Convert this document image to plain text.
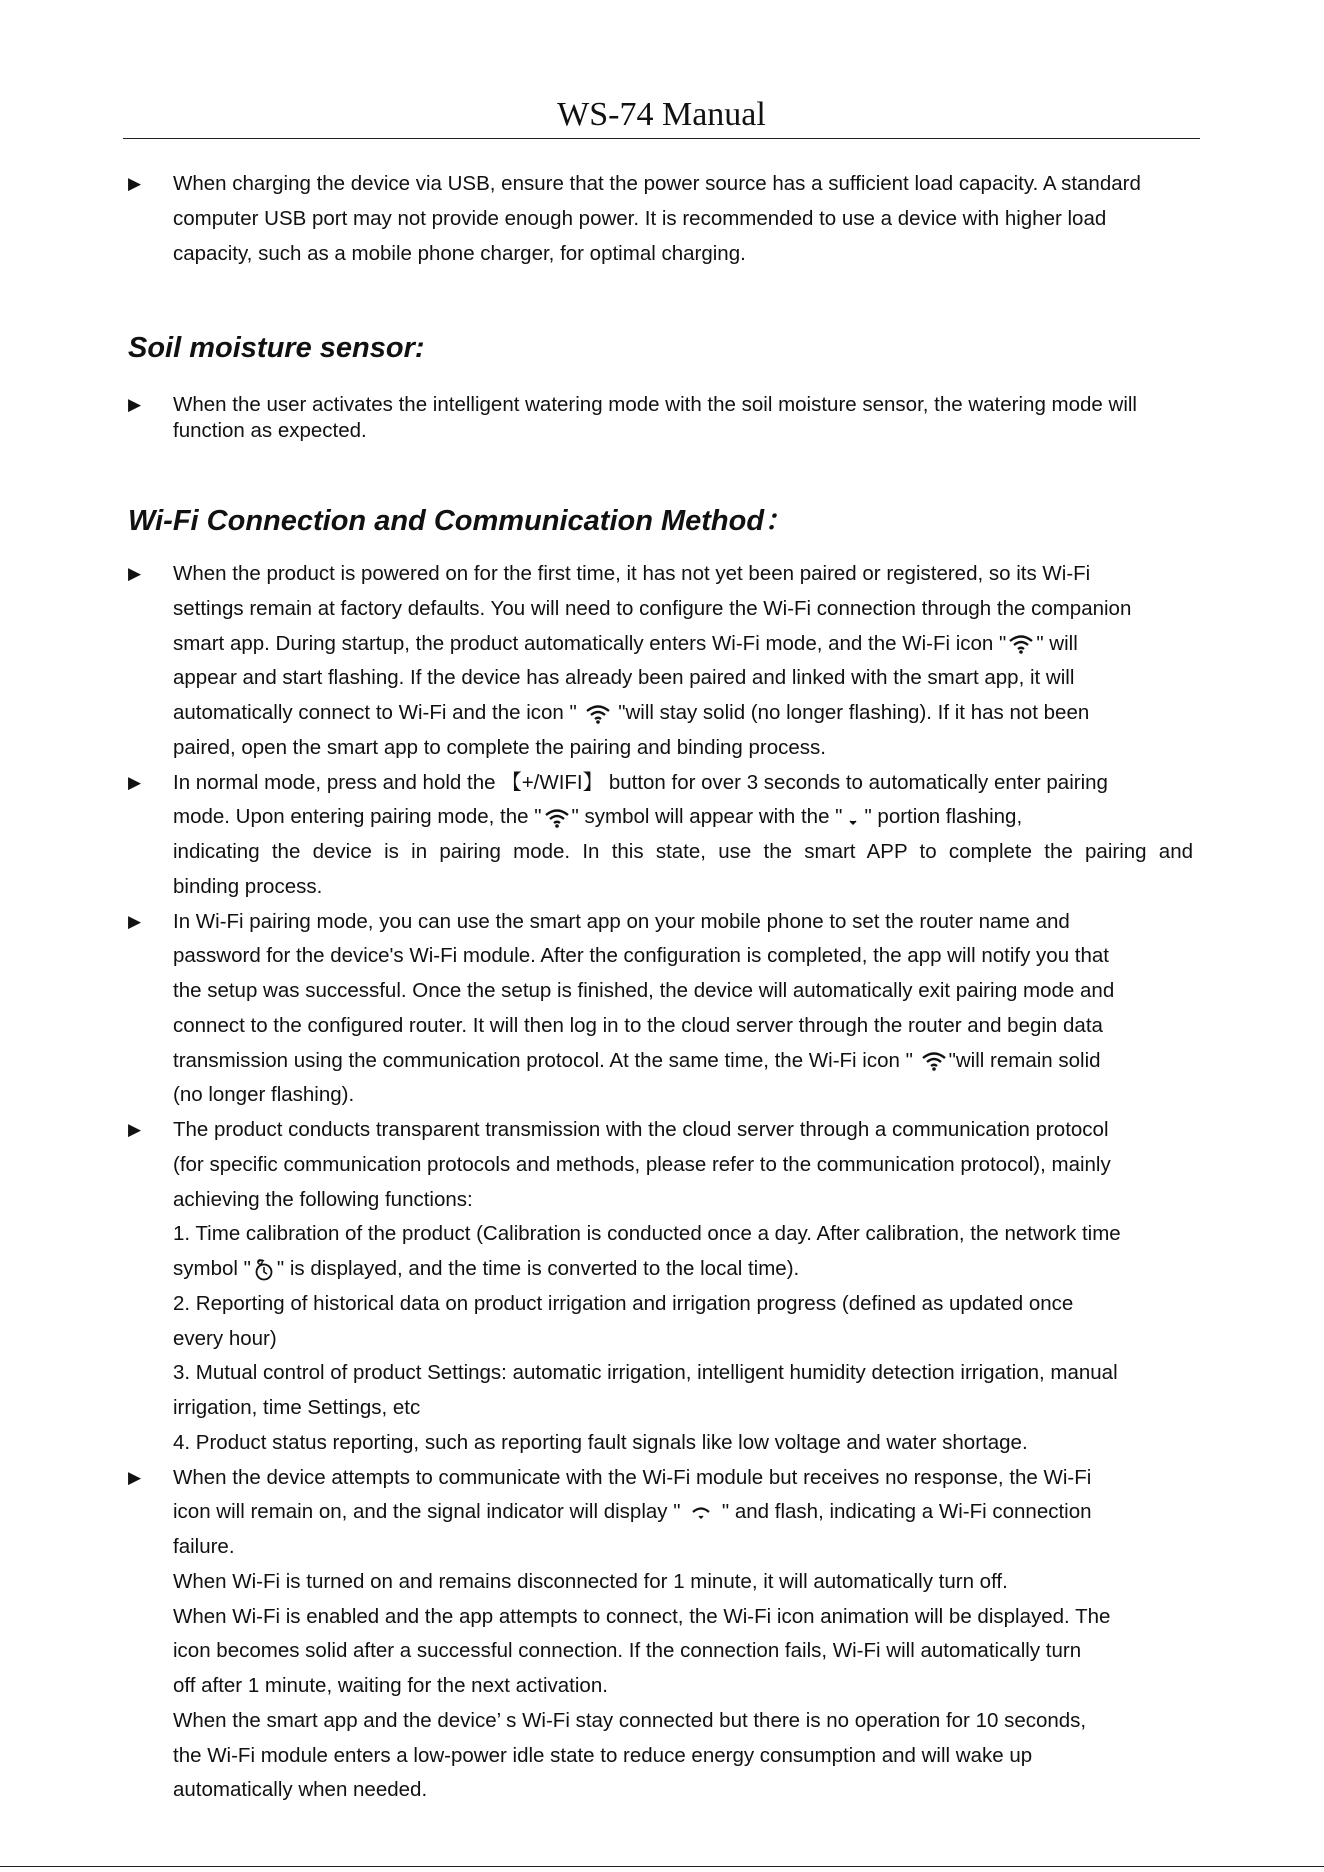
WS-74 Manual
▶ When charging the device via USB, ensure that the power source has a sufficient load capacity. A standard
computer USB port may not provide enough power. It is recommended to use a device with higher load
capacity, such as a mobile phone charger, for optimal charging.
Soil moisture sensor:
▶ When the user activates the intelligent watering mode with the soil moisture sensor, the watering mode will
function as expected.
Wi-Fi Connection and Communication Method：
▶ When the product is powered on for the first time, it has not yet been paired or registered, so its Wi-Fi
settings remain at factory defaults. You will need to configure the Wi-Fi connection through the companion
smart app. During startup, the product automatically enters Wi-Fi mode, and the Wi-Fi icon " " will
appear and start flashing. If the device has already been paired and linked with the smart app, it will
automatically connect to Wi-Fi and the icon "
"will stay solid (no longer flashing). If it has not been
paired, open the smart app to complete the pairing and binding process.
▶ In normal mode, press and hold the 【+/WIFI】 button for over 3 seconds to automatically enter pairing
mode. Upon entering pairing mode, the " " symbol will appear with the " " portion flashing,
indicating the device is in pairing mode. In this state, use the smart APP to complete the pairing and
binding process.
▶ In Wi-Fi pairing mode, you can use the smart app on your mobile phone to set the router name and
password for the device's Wi-Fi module. After the configuration is completed, the app will notify you that
the setup was successful. Once the setup is finished, the device will automatically exit pairing mode and
connect to the configured router. It will then log in to the cloud server through the router and begin data
transmission using the communication protocol. At the same time, the Wi-Fi icon "
"will remain solid
(no longer flashing).
▶ The product conducts transparent transmission with the cloud server through a communication protocol
(for specific communication protocols and methods, please refer to the communication protocol), mainly
achieving the following functions:
1. Time calibration of the product (Calibration is conducted once a day. After calibration, the network time
symbol " " is displayed, and the time is converted to the local time).
2. Reporting of historical data on product irrigation and irrigation progress (defined as updated once
every hour)
3. Mutual control of product Settings: automatic irrigation, intelligent humidity detection irrigation, manual
irrigation, time Settings, etc
4. Product status reporting, such as reporting fault signals like low voltage and water shortage.
▶ When the device attempts to communicate with the Wi-Fi module but receives no response, the Wi-Fi
icon will remain on, and the signal indicator will display "
" and flash, indicating a Wi-Fi connection
failure.
When Wi-Fi is turned on and remains disconnected for 1 minute, it will automatically turn off.
When Wi-Fi is enabled and the app attempts to connect, the Wi-Fi icon animation will be displayed. The
icon becomes solid after a successful connection. If the connection fails, Wi-Fi will automatically turn
off after 1 minute, waiting for the next activation.
When the smart app and the device’ s Wi-Fi stay connected but there is no operation for 10 seconds,
the Wi-Fi module enters a low-power idle state to reduce energy consumption and will wake up
automatically when needed.
